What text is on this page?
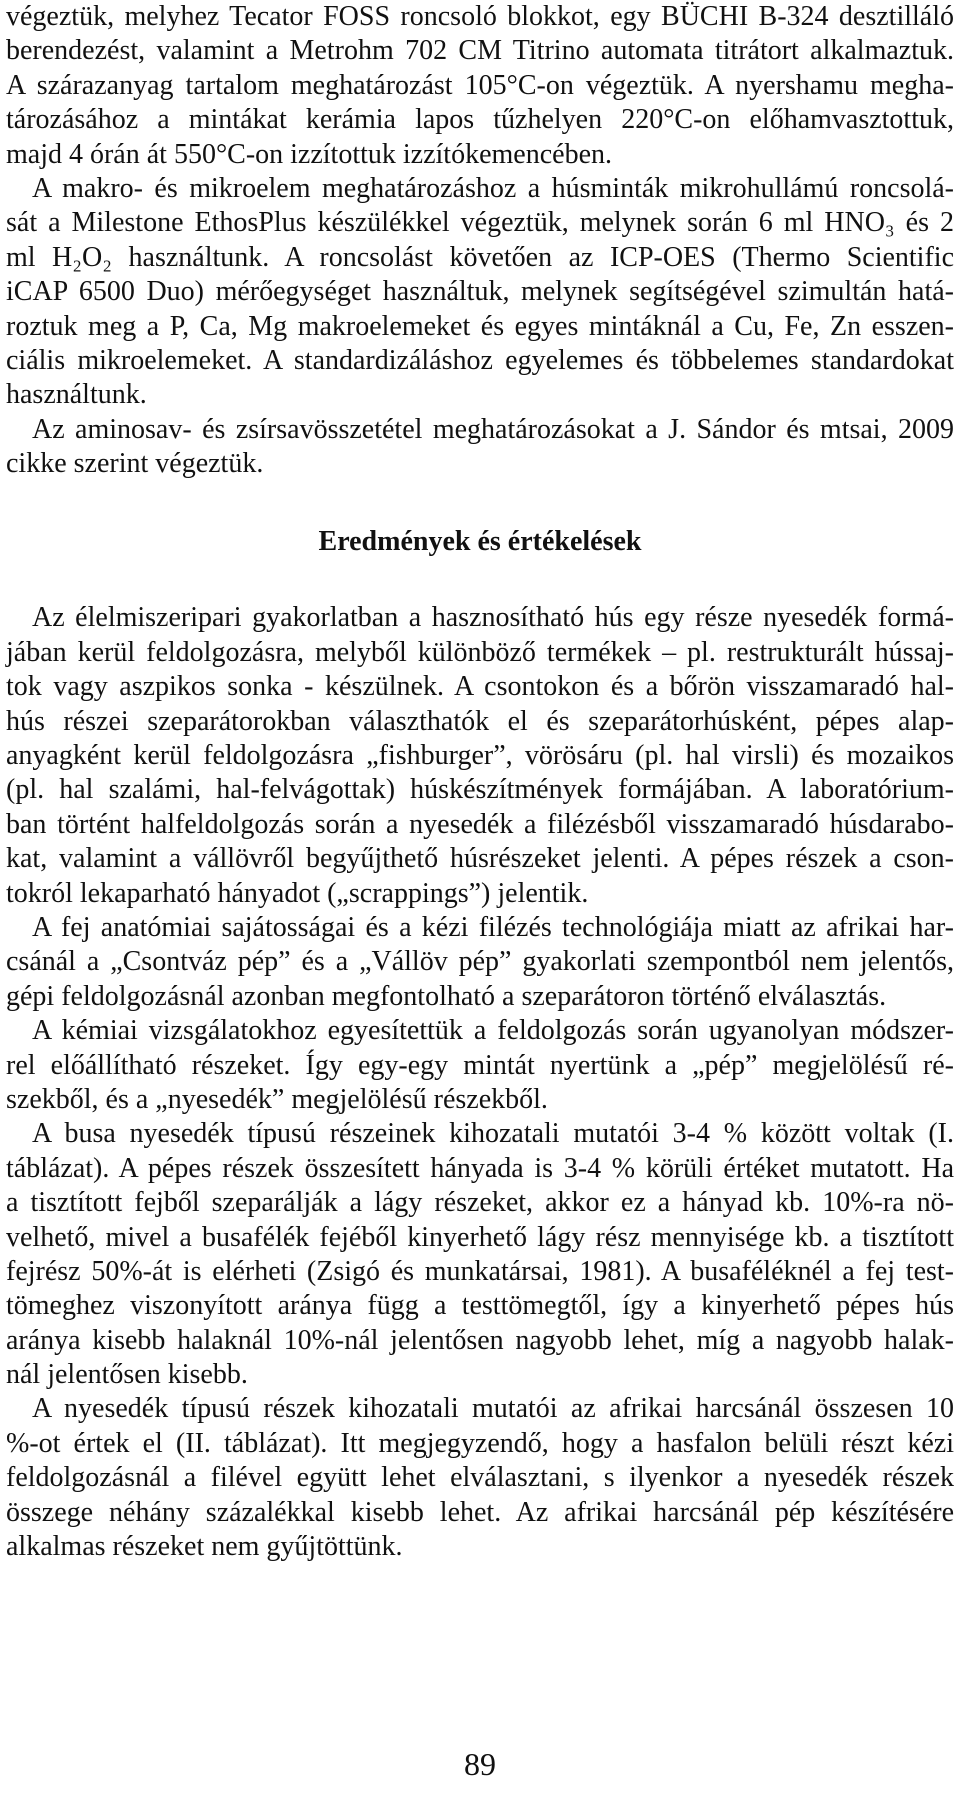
végeztük, melyhez Tecator FOSS roncsoló blokkot, egy BÜCHI B-324 desztilláló
berendezést, valamint a Metrohm 702 CM Titrino automata titrátort alkalmaztuk.
A szárazanyag tartalom meghatározást 105°C-on végeztük. A nyershamu megha-
tározásához a mintákat kerámia lapos tűzhelyen 220°C-on előhamvasztottuk,
majd 4 órán át 550°C-on izzítottuk izzítókemencében.
A makro- és mikroelem meghatározáshoz a húsminták mikrohullámú roncsolá-
sát a Milestone EthosPlus készülékkel végeztük, melynek során 6 ml HNO₃ és 2
ml H₂O₂ használtunk. A roncsolást követően az ICP-OES (Thermo Scientific
iCAP 6500 Duo) mérőegységet használtuk, melynek segítségével szimultán hatá-
roztuk meg a P, Ca, Mg makroelemeket és egyes mintáknál a Cu, Fe, Zn esszen-
ciális mikroelemeket. A standardizáláshoz egyelemes és többelemes standardokat
használtunk.
Az aminosav- és zsírsavösszetétel meghatározásokat a J. Sándor és mtsai, 2009
cikke szerint végeztük.
Eredmények és értékelések
Az élelmiszeripari gyakorlatban a hasznosítható hús egy része nyesedék formá-
jában kerül feldolgozásra, melyből különböző termékek – pl. restrukturált hússaj-
tok vagy aszpikos sonka - készülnek. A csontokon és a bőrön visszamaradó hal-
hús részei szeparátorokban választhatók el és szeparátorhúsként, pépes alap-
anyagként kerül feldolgozásra „fishburger”, vörösáru (pl. hal virsli) és mozaikos
(pl. hal szalámi, hal-felvágottak) húskészítmények formájában. A laboratórium-
ban történt halfeldolgozás során a nyesedék a filézésből visszamaradó húsdarabo-
kat, valamint a vállövről begyűjthető húsrészeket jelenti. A pépes részek a cson-
tokról lekaparható hányadot („scrappings”) jelentik.
A fej anatómiai sajátosságai és a kézi filézés technológiája miatt az afrikai har-
csánál a „Csontváz pép” és a „Vállöv pép” gyakorlati szempontból nem jelentős,
gépi feldolgozásnál azonban megfontolható a szeparátoron történő elválasztás.
A kémiai vizsgálatokhoz egyesítettük a feldolgozás során ugyanolyan módszer-
rel előállítható részeket. Így egy-egy mintát nyertünk a „pép” megjelölésű ré-
szekből, és a „nyesedék” megjelölésű részekből.
A busa nyesedék típusú részeinek kihozatali mutatói 3-4 % között voltak (I.
táblázat). A pépes részek összesített hányada is 3-4 % körüli értéket mutatott. Ha
a tisztított fejből szeparálják a lágy részeket, akkor ez a hányad kb. 10%-ra nö-
velhető, mivel a busafélék fejéből kinyerhető lágy rész mennyisége kb. a tisztított
fejrész 50%-át is elérheti (Zsigó és munkatársai, 1981). A busaféléknél a fej test-
tömeghez viszonyított aránya függ a testtömegtől, így a kinyerhető pépes hús
aránya kisebb halaknál 10%-nál jelentősen nagyobb lehet, míg a nagyobb halak-
nál jelentősen kisebb.
A nyesedék típusú részek kihozatali mutatói az afrikai harcsánál összesen 10
%-ot értek el (II. táblázat). Itt megjegyzendő, hogy a hasfalon belüli részt kézi
feldolgozásnál a filével együtt lehet elválasztani, s ilyenkor a nyesedék részek
összege néhány százalékkal kisebb lehet. Az afrikai harcsánál pép készítésére
alkalmas részeket nem gyűjtöttünk.
89
